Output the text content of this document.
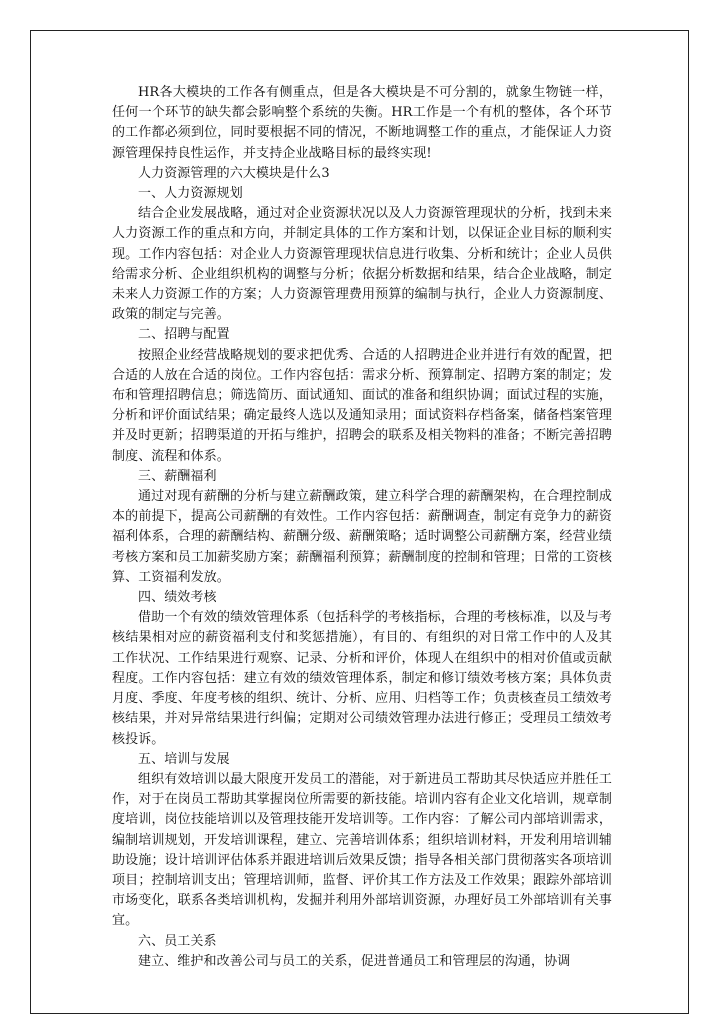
HR各大模块的工作各有侧重点，但是各大模块是不可分割的，就象生物链一样，任何一个环节的缺失都会影响整个系统的失衡。HR工作是一个有机的整体，各个环节的工作都必须到位，同时要根据不同的情况，不断地调整工作的重点，才能保证人力资源管理保持良性运作，并支持企业战略目标的最终实现!

人力资源管理的六大模块是什么3

一、人力资源规划

结合企业发展战略，通过对企业资源状况以及人力资源管理现状的分析，找到未来人力资源工作的重点和方向，并制定具体的工作方案和计划，以保证企业目标的顺利实现。工作内容包括：对企业人力资源管理现状信息进行收集、分析和统计；企业人员供给需求分析、企业组织机构的调整与分析；依据分析数据和结果，结合企业战略，制定未来人力资源工作的方案；人力资源管理费用预算的编制与执行，企业人力资源制度、政策的制定与完善。

二、招聘与配置

按照企业经营战略规划的要求把优秀、合适的人招聘进企业并进行有效的配置，把合适的人放在合适的岗位。工作内容包括：需求分析、预算制定、招聘方案的制定；发布和管理招聘信息；筛选简历、面试通知、面试的准备和组织协调；面试过程的实施，分析和评价面试结果；确定最终人选以及通知录用；面试资料存档备案，储备档案管理并及时更新；招聘渠道的开拓与维护，招聘会的联系及相关物料的准备；不断完善招聘制度、流程和体系。

三、薪酬福利

通过对现有薪酬的分析与建立薪酬政策，建立科学合理的薪酬架构，在合理控制成本的前提下，提高公司薪酬的有效性。工作内容包括：薪酬调查，制定有竞争力的薪资福利体系，合理的薪酬结构、薪酬分级、薪酬策略；适时调整公司薪酬方案，经营业绩考核方案和员工加薪奖励方案；薪酬福利预算；薪酬制度的控制和管理；日常的工资核算、工资福利发放。

四、绩效考核

借助一个有效的绩效管理体系（包括科学的考核指标，合理的考核标准，以及与考核结果相对应的薪资福利支付和奖惩措施），有目的、有组织的对日常工作中的人及其工作状况、工作结果进行观察、记录、分析和评价，体现人在组织中的相对价值或贡献程度。工作内容包括：建立有效的绩效管理体系，制定和修订绩效考核方案；具体负责月度、季度、年度考核的组织、统计、分析、应用、归档等工作；负责核查员工绩效考核结果，并对异常结果进行纠偏；定期对公司绩效管理办法进行修正；受理员工绩效考核投诉。

五、培训与发展

组织有效培训以最大限度开发员工的潜能，对于新进员工帮助其尽快适应并胜任工作，对于在岗员工帮助其掌握岗位所需要的新技能。培训内容有企业文化培训，规章制度培训，岗位技能培训以及管理技能开发培训等。工作内容：了解公司内部培训需求，编制培训规划，开发培训课程，建立、完善培训体系；组织培训材料，开发利用培训辅助设施；设计培训评估体系并跟进培训后效果反馈；指导各相关部门贯彻落实各项培训项目；控制培训支出；管理培训师，监督、评价其工作方法及工作效果；跟踪外部培训市场变化，联系各类培训机构，发掘并利用外部培训资源，办理好员工外部培训有关事宜。

六、员工关系

建立、维护和改善公司与员工的关系，促进普通员工和管理层的沟通，协调
